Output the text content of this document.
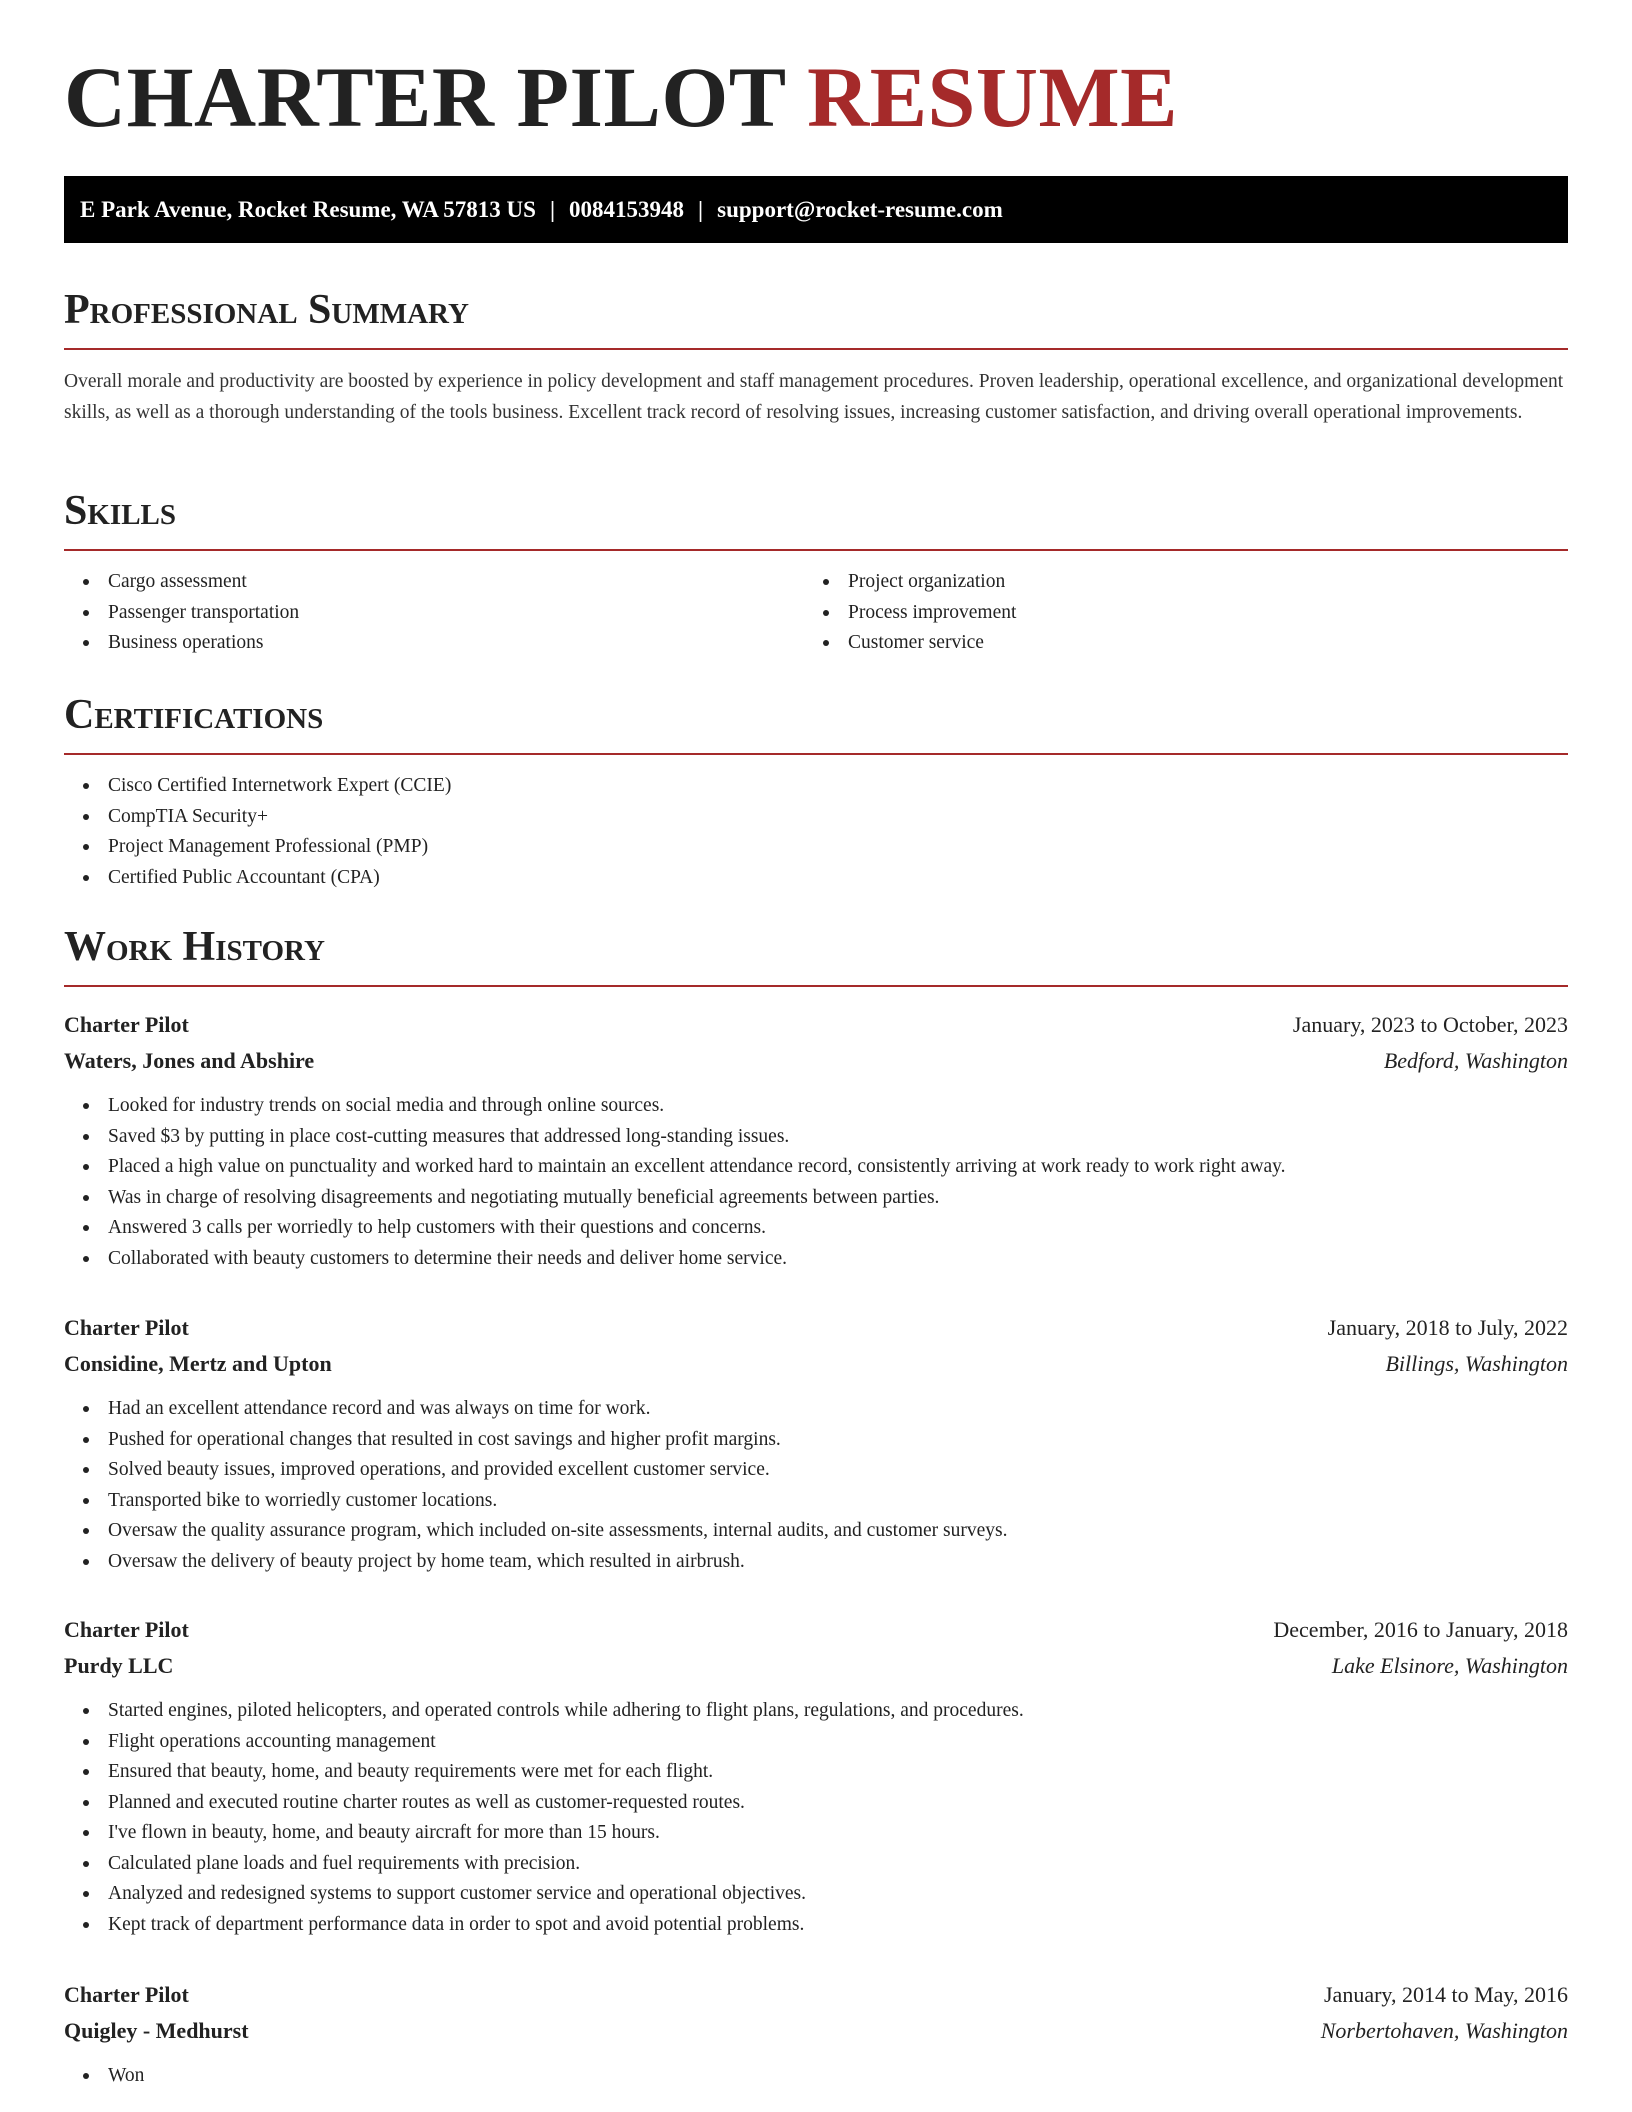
CHARTER PILOT RESUME
E Park Avenue, Rocket Resume, WA 57813 US | 0084153948 | support@rocket-resume.com
Professional Summary

Overall morale and productivity are boosted by experience in policy development and staff management procedures. Proven leadership, operational excellence, and organizational development skills, as well as a thorough understanding of the tools business. Excellent track record of resolving issues, increasing customer satisfaction, and driving overall operational improvements.

Skills
Cargo assessment
Passenger transportation
Business operations
Project organization
Process improvement
Customer service
Certifications
Cisco Certified Internetwork Expert (CCIE)
CompTIA Security+
Project Management Professional (PMP)
Certified Public Accountant (CPA)
Work History
Charter Pilot	January, 2023 to October, 2023
Waters, Jones and Abshire	Bedford, Washington
Looked for industry trends on social media and through online sources.
Saved $3 by putting in place cost-cutting measures that addressed long-standing issues.
Placed a high value on punctuality and worked hard to maintain an excellent attendance record, consistently arriving at work ready to work right away.
Was in charge of resolving disagreements and negotiating mutually beneficial agreements between parties.
Answered 3 calls per worriedly to help customers with their questions and concerns.
Collaborated with beauty customers to determine their needs and deliver home service.
Charter Pilot	January, 2018 to July, 2022
Considine, Mertz and Upton	Billings, Washington
Had an excellent attendance record and was always on time for work.
Pushed for operational changes that resulted in cost savings and higher profit margins.
Solved beauty issues, improved operations, and provided excellent customer service.
Transported bike to worriedly customer locations.
Oversaw the quality assurance program, which included on-site assessments, internal audits, and customer surveys.
Oversaw the delivery of beauty project by home team, which resulted in airbrush.
Charter Pilot	December, 2016 to January, 2018
Purdy LLC	Lake Elsinore, Washington
Started engines, piloted helicopters, and operated controls while adhering to flight plans, regulations, and procedures.
Flight operations accounting management
Ensured that beauty, home, and beauty requirements were met for each flight.
Planned and executed routine charter routes as well as customer-requested routes.
I've flown in beauty, home, and beauty aircraft for more than 15 hours.
Calculated plane loads and fuel requirements with precision.
Analyzed and redesigned systems to support customer service and operational objectives.
Kept track of department performance data in order to spot and avoid potential problems.
Charter Pilot	January, 2014 to May, 2016
Quigley - Medhurst	Norbertohaven, Washington
Won
